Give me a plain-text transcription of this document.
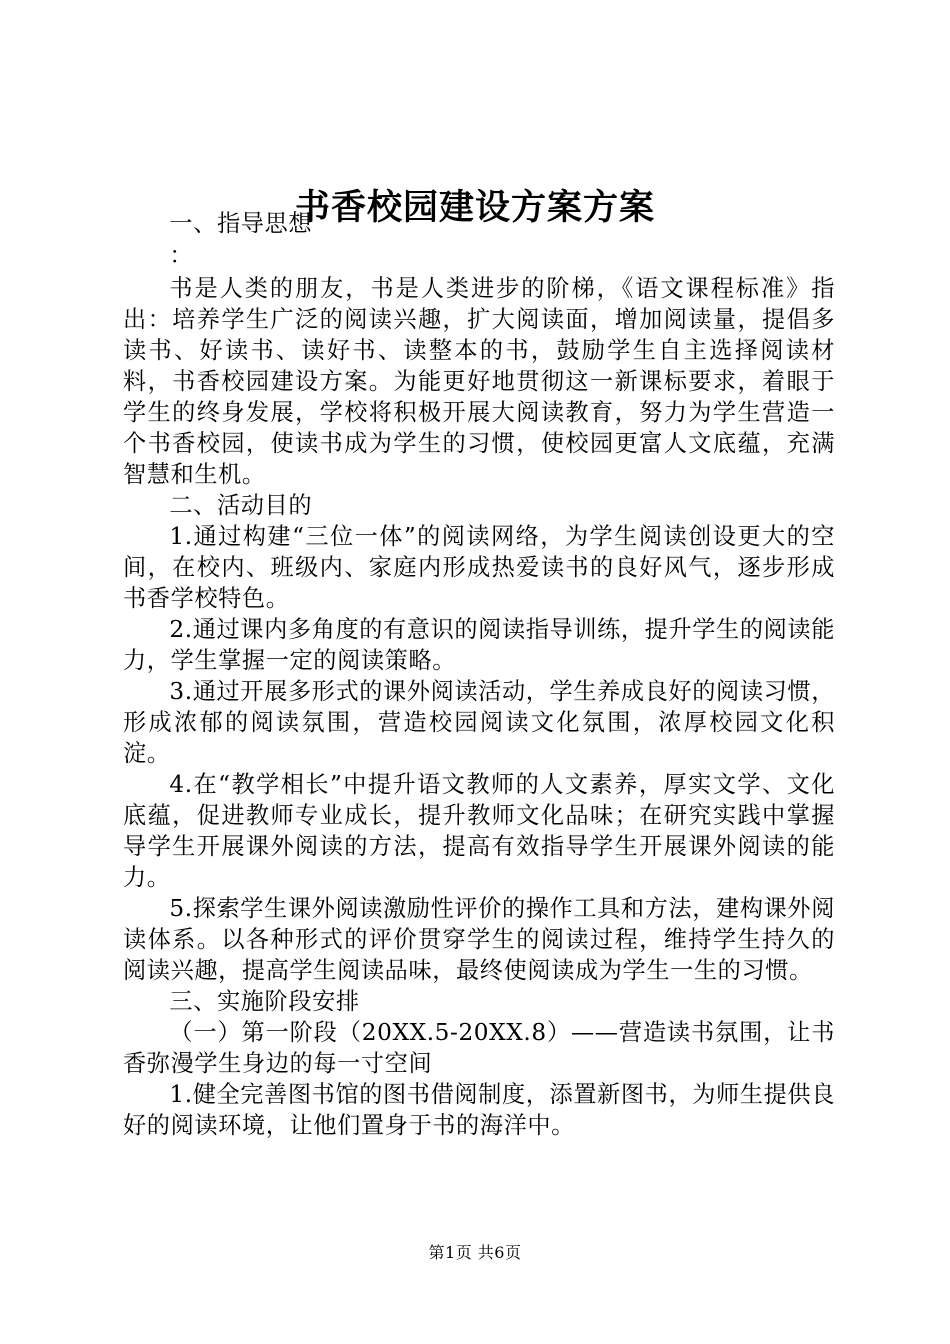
书香校园建设方案方案

一、指导思想

：

书是人类的朋友，书是人类进步的阶梯，《语文课程标准》指出：培养学生广泛的阅读兴趣，扩大阅读面，增加阅读量，提倡多读书、好读书、读好书、读整本的书，鼓励学生自主选择阅读材料，书香校园建设方案。为能更好地贯彻这一新课标要求，着眼于学生的终身发展，学校将积极开展大阅读教育，努力为学生营造一个书香校园，使读书成为学生的习惯，使校园更富人文底蕴，充满智慧和生机。

二、活动目的

1.通过构建“三位一体”的阅读网络，为学生阅读创设更大的空间，在校内、班级内、家庭内形成热爱读书的良好风气，逐步形成书香学校特色。

2.通过课内多角度的有意识的阅读指导训练，提升学生的阅读能力，学生掌握一定的阅读策略。

3.通过开展多形式的课外阅读活动，学生养成良好的阅读习惯，形成浓郁的阅读氛围，营造校园阅读文化氛围，浓厚校园文化积淀。

4.在“教学相长”中提升语文教师的人文素养，厚实文学、文化底蕴，促进教师专业成长，提升教师文化品味；在研究实践中掌握导学生开展课外阅读的方法，提高有效指导学生开展课外阅读的能力。

5.探索学生课外阅读激励性评价的操作工具和方法，建构课外阅读体系。以各种形式的评价贯穿学生的阅读过程，维持学生持久的阅读兴趣，提高学生阅读品味，最终使阅读成为学生一生的习惯。

三、实施阶段安排

（一）第一阶段（20XX.5-20XX.8）——营造读书氛围，让书香弥漫学生身边的每一寸空间

1.健全完善图书馆的图书借阅制度，添置新图书，为师生提供良好的阅读环境，让他们置身于书的海洋中。

第1页 共6页
